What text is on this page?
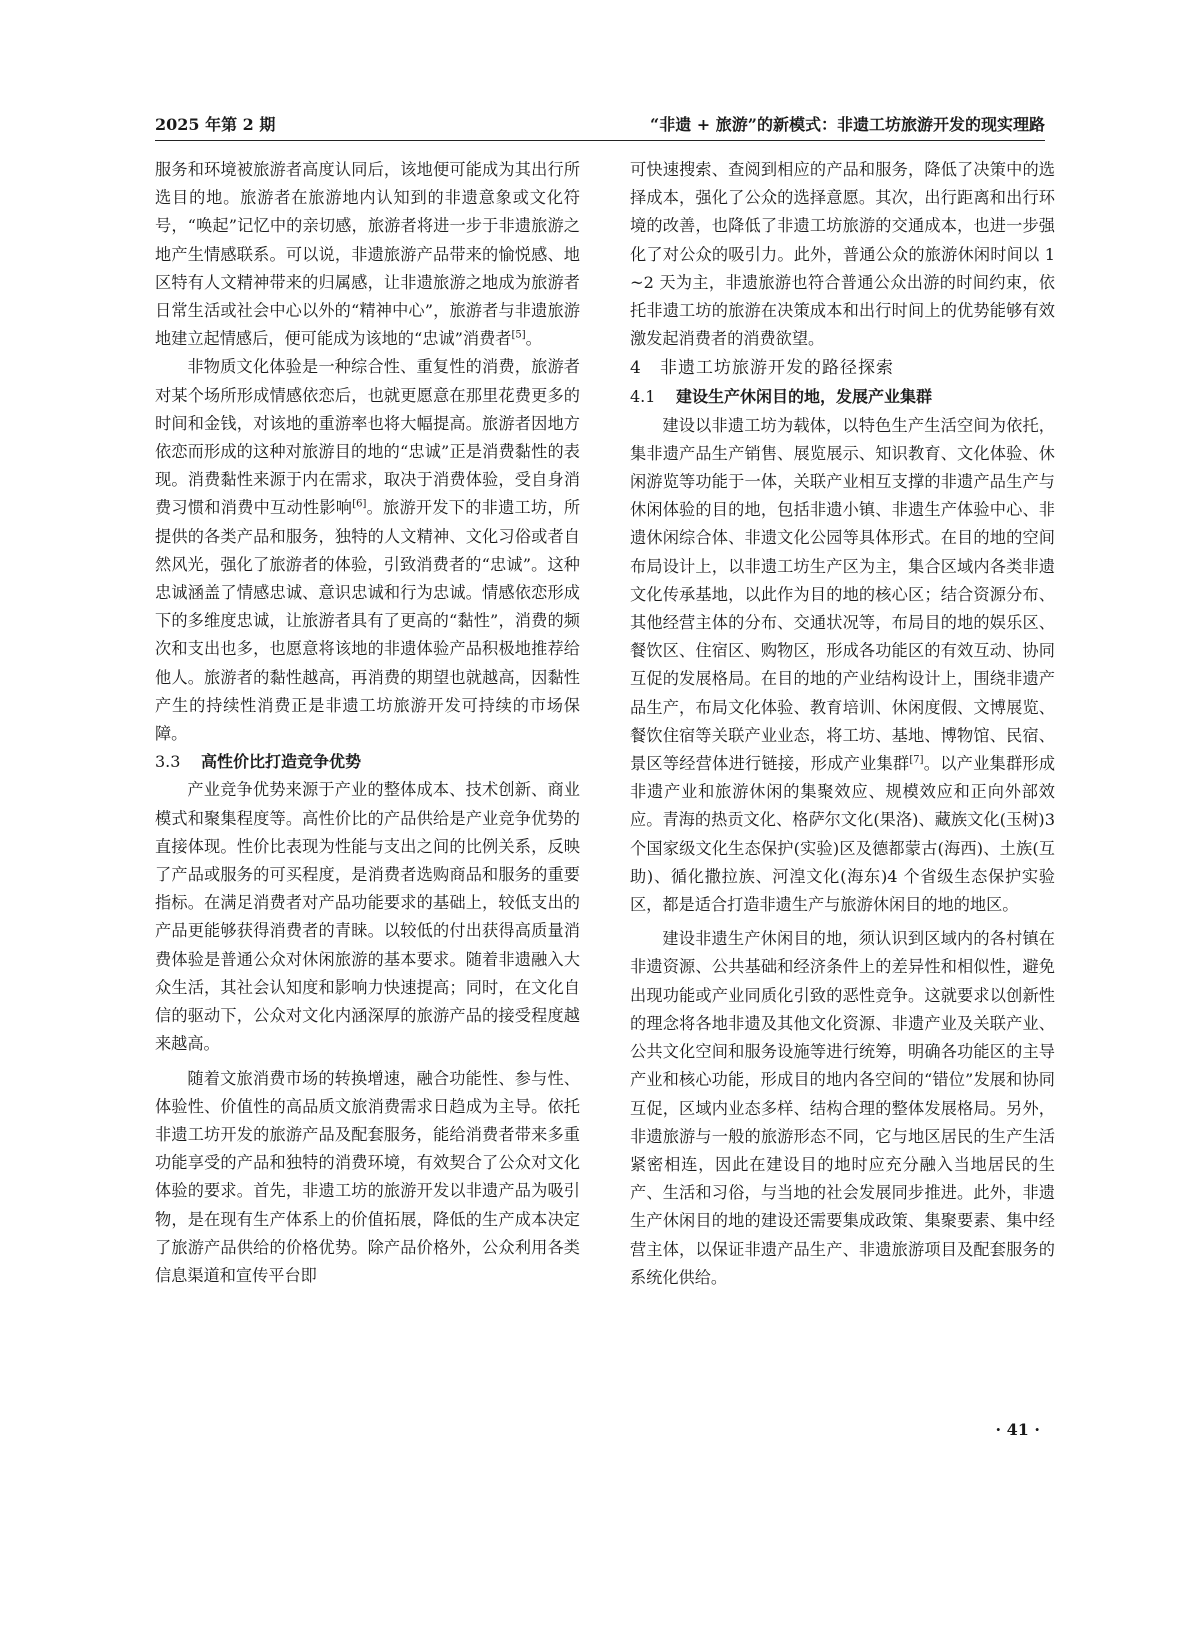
2025 年第 2 期	“非遗 + 旅游”的新模式：非遗工坊旅游开发的现实理路

服务和环境被旅游者高度认同后，该地便可能成为其出行所选目的地。旅游者在旅游地内认知到的非遗意象或文化符号，“唤起”记忆中的亲切感，旅游者将进一步于非遗旅游之地产生情感联系。可以说，非遗旅游产品带来的愉悦感、地区特有人文精神带来的归属感，让非遗旅游之地成为旅游者日常生活或社会中心以外的“精神中心”，旅游者与非遗旅游地建立起情感后，便可能成为该地的“忠诚”消费者[5]。

非物质文化体验是一种综合性、重复性的消费，旅游者对某个场所形成情感依恋后，也就更愿意在那里花费更多的时间和金钱，对该地的重游率也将大幅提高。旅游者因地方依恋而形成的这种对旅游目的地的“忠诚”正是消费黏性的表现。消费黏性来源于内在需求，取决于消费体验，受自身消费习惯和消费中互动性影响[6]。旅游开发下的非遗工坊，所提供的各类产品和服务，独特的人文精神、文化习俗或者自然风光，强化了旅游者的体验，引致消费者的“忠诚”。这种忠诚涵盖了情感忠诚、意识忠诚和行为忠诚。情感依恋形成下的多维度忠诚，让旅游者具有了更高的“黏性”，消费的频次和支出也多，也愿意将该地的非遗体验产品积极地推荐给他人。旅游者的黏性越高，再消费的期望也就越高，因黏性产生的持续性消费正是非遗工坊旅游开发可持续的市场保障。

3.3 高性价比打造竞争优势

产业竞争优势来源于产业的整体成本、技术创新、商业模式和聚集程度等。高性价比的产品供给是产业竞争优势的直接体现。性价比表现为性能与支出之间的比例关系，反映了产品或服务的可买程度，是消费者选购商品和服务的重要指标。在满足消费者对产品功能要求的基础上，较低支出的产品更能够获得消费者的青睐。以较低的付出获得高质量消费体验是普通公众对休闲旅游的基本要求。随着非遗融入大众生活，其社会认知度和影响力快速提高；同时，在文化自信的驱动下，公众对文化内涵深厚的旅游产品的接受程度越来越高。

随着文旅消费市场的转换增速，融合功能性、参与性、体验性、价值性的高品质文旅消费需求日趋成为主导。依托非遗工坊开发的旅游产品及配套服务，能给消费者带来多重功能享受的产品和独特的消费环境，有效契合了公众对文化体验的要求。首先，非遗工坊的旅游开发以非遗产品为吸引物，是在现有生产体系上的价值拓展，降低的生产成本决定了旅游产品供给的价格优势。除产品价格外，公众利用各类信息渠道和宣传平台即

可快速搜索、查阅到相应的产品和服务，降低了决策中的选择成本，强化了公众的选择意愿。其次，出行距离和出行环境的改善，也降低了非遗工坊旅游的交通成本，也进一步强化了对公众的吸引力。此外，普通公众的旅游休闲时间以 1 ~2 天为主，非遗旅游也符合普通公众出游的时间约束，依托非遗工坊的旅游在决策成本和出行时间上的优势能够有效激发起消费者的消费欲望。

4 非遗工坊旅游开发的路径探索
4.1 建设生产休闲目的地，发展产业集群

建设以非遗工坊为载体，以特色生产生活空间为依托，集非遗产品生产销售、展览展示、知识教育、文化体验、休闲游览等功能于一体，关联产业相互支撑的非遗产品生产与休闲体验的目的地，包括非遗小镇、非遗生产体验中心、非遗休闲综合体、非遗文化公园等具体形式。在目的地的空间布局设计上，以非遗工坊生产区为主，集合区域内各类非遗文化传承基地，以此作为目的地的核心区；结合资源分布、其他经营主体的分布、交通状况等，布局目的地的娱乐区、餐饮区、住宿区、购物区，形成各功能区的有效互动、协同互促的发展格局。在目的地的产业结构设计上，围绕非遗产品生产，布局文化体验、教育培训、休闲度假、文博展览、餐饮住宿等关联产业业态，将工坊、基地、博物馆、民宿、景区等经营体进行链接，形成产业集群[7]。以产业集群形成非遗产业和旅游休闲的集聚效应、规模效应和正向外部效应。青海的热贡文化、格萨尔文化(果洛)、藏族文化(玉树)3 个国家级文化生态保护(实验)区及德都蒙古(海西)、土族(互助)、循化撒拉族、河湟文化(海东)4 个省级生态保护实验区，都是适合打造非遗生产与旅游休闲目的地的地区。

建设非遗生产休闲目的地，须认识到区域内的各村镇在非遗资源、公共基础和经济条件上的差异性和相似性，避免出现功能或产业同质化引致的恶性竞争。这就要求以创新性的理念将各地非遗及其他文化资源、非遗产业及关联产业、公共文化空间和服务设施等进行统筹，明确各功能区的主导产业和核心功能，形成目的地内各空间的“错位”发展和协同互促，区域内业态多样、结构合理的整体发展格局。另外，非遗旅游与一般的旅游形态不同，它与地区居民的生产生活紧密相连，因此在建设目的地时应充分融入当地居民的生产、生活和习俗，与当地的社会发展同步推进。此外，非遗生产休闲目的地的建设还需要集成政策、集聚要素、集中经营主体，以保证非遗产品生产、非遗旅游项目及配套服务的系统化供给。

· 41 ·
